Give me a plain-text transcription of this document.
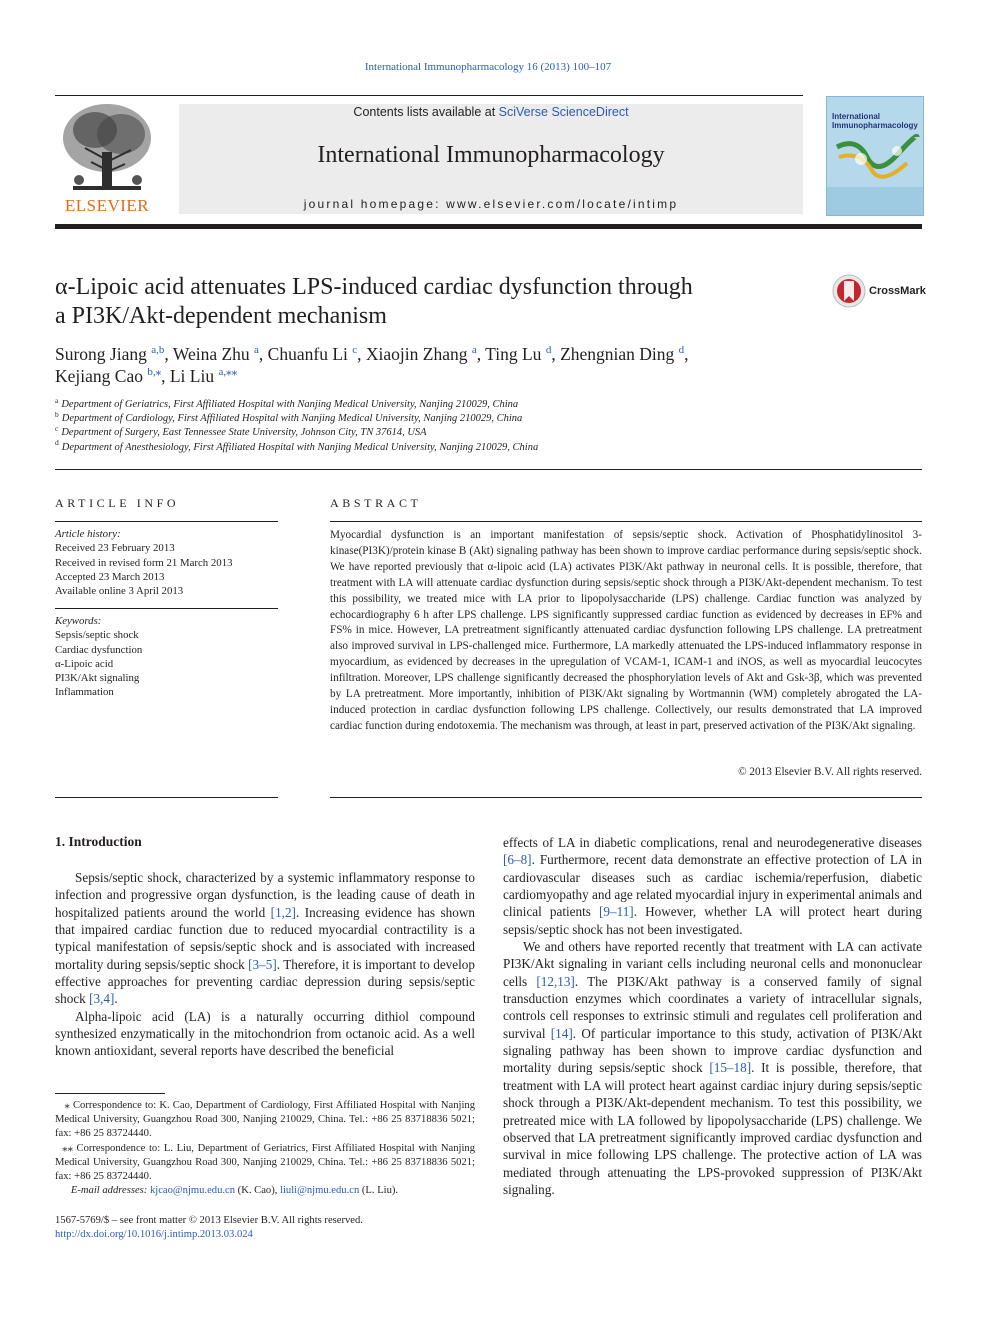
International Immunopharmacology 16 (2013) 100–107
ELSEVIER
Contents lists available at SciVerse ScienceDirect
International Immunopharmacology
journal homepage: www.elsevier.com/locate/intimp
International
Immunopharmacology
α-Lipoic acid attenuates LPS-induced cardiac dysfunction through
a PI3K/Akt-dependent mechanism
CrossMark
Surong Jiang $^{a,b}$, Weina Zhu $^a$, Chuanfu Li $^c$, Xiaojin Zhang $^a$, Ting Lu $^d$, Zhengnian Ding $^d$,
Kejiang Cao $^{b,⁎}$, Li Liu $^{a,⁎⁎}$
$^a$ Department of Geriatrics, First Affiliated Hospital with Nanjing Medical University, Nanjing 210029, China
$^b$ Department of Cardiology, First Affiliated Hospital with Nanjing Medical University, Nanjing 210029, China
$^c$ Department of Surgery, East Tennessee State University, Johnson City, TN 37614, USA
$^d$ Department of Anesthesiology, First Affiliated Hospital with Nanjing Medical University, Nanjing 210029, China
ARTICLE INFO
Article history:
Received 23 February 2013
Received in revised form 21 March 2013
Accepted 23 March 2013
Available online 3 April 2013
Keywords:
Sepsis/septic shock
Cardiac dysfunction
α-Lipoic acid
PI3K/Akt signaling
Inflammation
ABSTRACT
Myocardial dysfunction is an important manifestation of sepsis/septic shock. Activation of Phosphatidylinositol 3-kinase(PI3K)/protein kinase B (Akt) signaling pathway has been shown to improve cardiac performance during sepsis/septic shock. We have reported previously that α-lipoic acid (LA) activates PI3K/Akt pathway in neuronal cells. It is possible, therefore, that treatment with LA will attenuate cardiac dysfunction during sepsis/septic shock through a PI3K/Akt-dependent mechanism. To test this possibility, we treated mice with LA prior to lipopolysaccharide (LPS) challenge. Cardiac function was analyzed by echocardiography 6 h after LPS challenge. LPS significantly suppressed cardiac function as evidenced by decreases in EF% and FS% in mice. However, LA pretreatment significantly attenuated cardiac dysfunction following LPS challenge. LA pretreatment also improved survival in LPS-challenged mice. Furthermore, LA markedly attenuated the LPS-induced inflammatory response in myocardium, as evidenced by decreases in the upregulation of VCAM-1, ICAM-1 and iNOS, as well as myocardial leucocytes infiltration. Moreover, LPS challenge significantly decreased the phosphorylation levels of Akt and Gsk-3β, which was prevented by LA pretreatment. More importantly, inhibition of PI3K/Akt signaling by Wortmannin (WM) completely abrogated the LA-induced protection in cardiac dysfunction following LPS challenge. Collectively, our results demonstrated that LA improved cardiac function during endotoxemia. The mechanism was through, at least in part, preserved activation of the PI3K/Akt signaling.
© 2013 Elsevier B.V. All rights reserved.
1. Introduction

Sepsis/septic shock, characterized by a systemic inflammatory response to infection and progressive organ dysfunction, is the leading cause of death in hospitalized patients around the world [1,2]. Increasing evidence has shown that impaired cardiac function due to reduced myocardial contractility is a typical manifestation of sepsis/septic shock and is associated with increased mortality during sepsis/septic shock [3–5]. Therefore, it is important to develop effective approaches for preventing cardiac depression during sepsis/septic shock [3,4].

Alpha-lipoic acid (LA) is a naturally occurring dithiol compound synthesized enzymatically in the mitochondrion from octanoic acid. As a well known antioxidant, several reports have described the beneficial

effects of LA in diabetic complications, renal and neurodegenerative diseases [6–8]. Furthermore, recent data demonstrate an effective protection of LA in cardiovascular diseases such as cardiac ischemia/reperfusion, diabetic cardiomyopathy and age related myocardial injury in experimental animals and clinical patients [9–11]. However, whether LA will protect heart during sepsis/septic shock has not been investigated.

We and others have reported recently that treatment with LA can activate PI3K/Akt signaling in variant cells including neuronal cells and mononuclear cells [12,13]. The PI3K/Akt pathway is a conserved family of signal transduction enzymes which coordinates a variety of intracellular signals, controls cell responses to extrinsic stimuli and regulates cell proliferation and survival [14]. Of particular importance to this study, activation of PI3K/Akt signaling pathway has been shown to improve cardiac dysfunction and mortality during sepsis/septic shock [15–18]. It is possible, therefore, that treatment with LA will protect heart against cardiac injury during sepsis/septic shock through a PI3K/Akt-dependent mechanism. To test this possibility, we pretreated mice with LA followed by lipopolysaccharide (LPS) challenge. We observed that LA pretreatment significantly improved cardiac dysfunction and survival in mice following LPS challenge. The protective action of LA was mediated through attenuating the LPS-provoked suppression of PI3K/Akt signaling.

⁎ Correspondence to: K. Cao, Department of Cardiology, First Affiliated Hospital with Nanjing Medical University, Guangzhou Road 300, Nanjing 210029, China. Tel.: +86 25 83718836 5021; fax: +86 25 83724440.

⁎⁎ Correspondence to: L. Liu, Department of Geriatrics, First Affiliated Hospital with Nanjing Medical University, Guangzhou Road 300, Nanjing 210029, China. Tel.: +86 25 83718836 5021; fax: +86 25 83724440.

E-mail addresses: kjcao@njmu.edu.cn (K. Cao), liuli@njmu.edu.cn (L. Liu).

1567-5769/$ – see front matter © 2013 Elsevier B.V. All rights reserved.
http://dx.doi.org/10.1016/j.intimp.2013.03.024
